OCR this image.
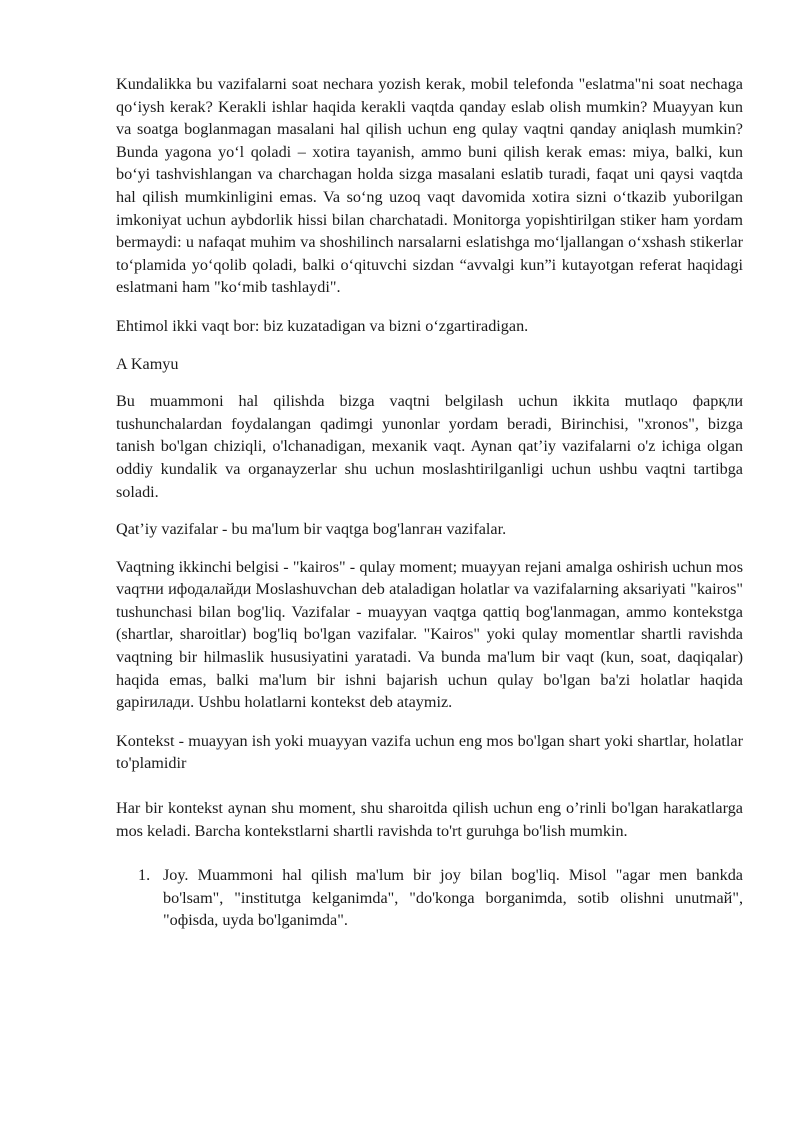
Kundalikka bu vazifalarni soat nechara yozish kerak, mobil telefonda "eslatma"ni soat nechaga qo‘iysh kerak? Kerakli ishlar haqida kerakli vaqtda qanday eslab olish mumkin? Muayyan kun va soatga boglanmagan masalani hal qilish uchun eng qulay vaqtni qanday aniqlash mumkin? Bunda yagona yo‘l qoladi – xotira tayanish, ammo buni qilish kerak emas: miya, balki, kun bo‘yi tashvishlangan va charchagan holda sizga masalani eslatib turadi, faqat uni qaysi vaqtda hal qilish mumkinligini emas. Va so‘ng uzoq vaqt davomida xotira sizni o‘tkazib yuborilgan imkoniyat uchun aybdorlik hissi bilan charchatadi. Monitorga yopishtirilgan stiker ham yordam bermaydi: u nafaqat muhim va shoshilinch narsalarni eslatishga mo‘ljallangan o‘xshash stikerlar to‘plamida yo‘qolib qoladi, balki o‘qituvchi sizdan “avvalgi kun”i kutayotgan referat haqidagi eslatmani ham "ko‘mib tashlaydi".

Ehtimol ikki vaqt bor: biz kuzatadigan va bizni o‘zgartiradigan.

A Kamyu

Bu muammoni hal qilishda bizga vaqtni belgilash uchun ikkita mutlaqo фарқли tushunchalardan foydalangan qadimgi yunonlar yordam beradi, Birinchisi, "xronos", bizga tanish bo'lgan chiziqli, o'lchanadigan, mexanik vaqt. Aynan qat’iy vazifalarni o'z ichiga olgan oddiy kundalik va organayzerlar shu uchun moslashtirilganligi uchun ushbu vaqtni tartibga soladi.

Qat’iy vazifalar - bu ma'lum bir vaqtga bog'lanган vazifalar.

Vaqtning ikkinchi belgisi - "kairos" - qulay moment; muayyan rejani amalga oshirish uchun mos vaqтни ифодалайди Moslashuvchan deb ataladigan holatlar va vazifalarning aksariyati "kairos" tushunchasi bilan bog'liq. Vazifalar - muayyan vaqtga qattiq bog'lanmagan, ammo kontekstga (shartlar, sharoitlar) bog'liq bo'lgan vazifalar. "Kairos" yoki qulay momentlar shartli ravishda vaqtning bir hilmaslik hususiyatini yaratadi. Va bunda ma'lum bir vaqt (kun, soat, daqiqalar) haqida emas, balki ma'lum bir ishni bajarish uchun qulay bo'lgan ba'zi holatlar haqida gapirилади. Ushbu holatlarni kontekst deb ataymiz.

Kontekst - muayyan ish yoki muayyan vazifa uchun eng mos bo'lgan shart yoki shartlar, holatlar to'plamidir

Har bir kontekst aynan shu moment, shu sharoitda qilish uchun eng o’rinli bo'lgan harakatlarga mos keladi. Barcha kontekstlarni shartli ravishda to'rt guruhga bo'lish mumkin.

1. Joy. Muammoni hal qilish ma'lum bir joy bilan bog'liq. Misol "agar men bankda bo'lsam", "institutga kelganimda", "do'konga borganimda, sotib olishni unutmай", "oфisda, uyda bo'lganimda".
